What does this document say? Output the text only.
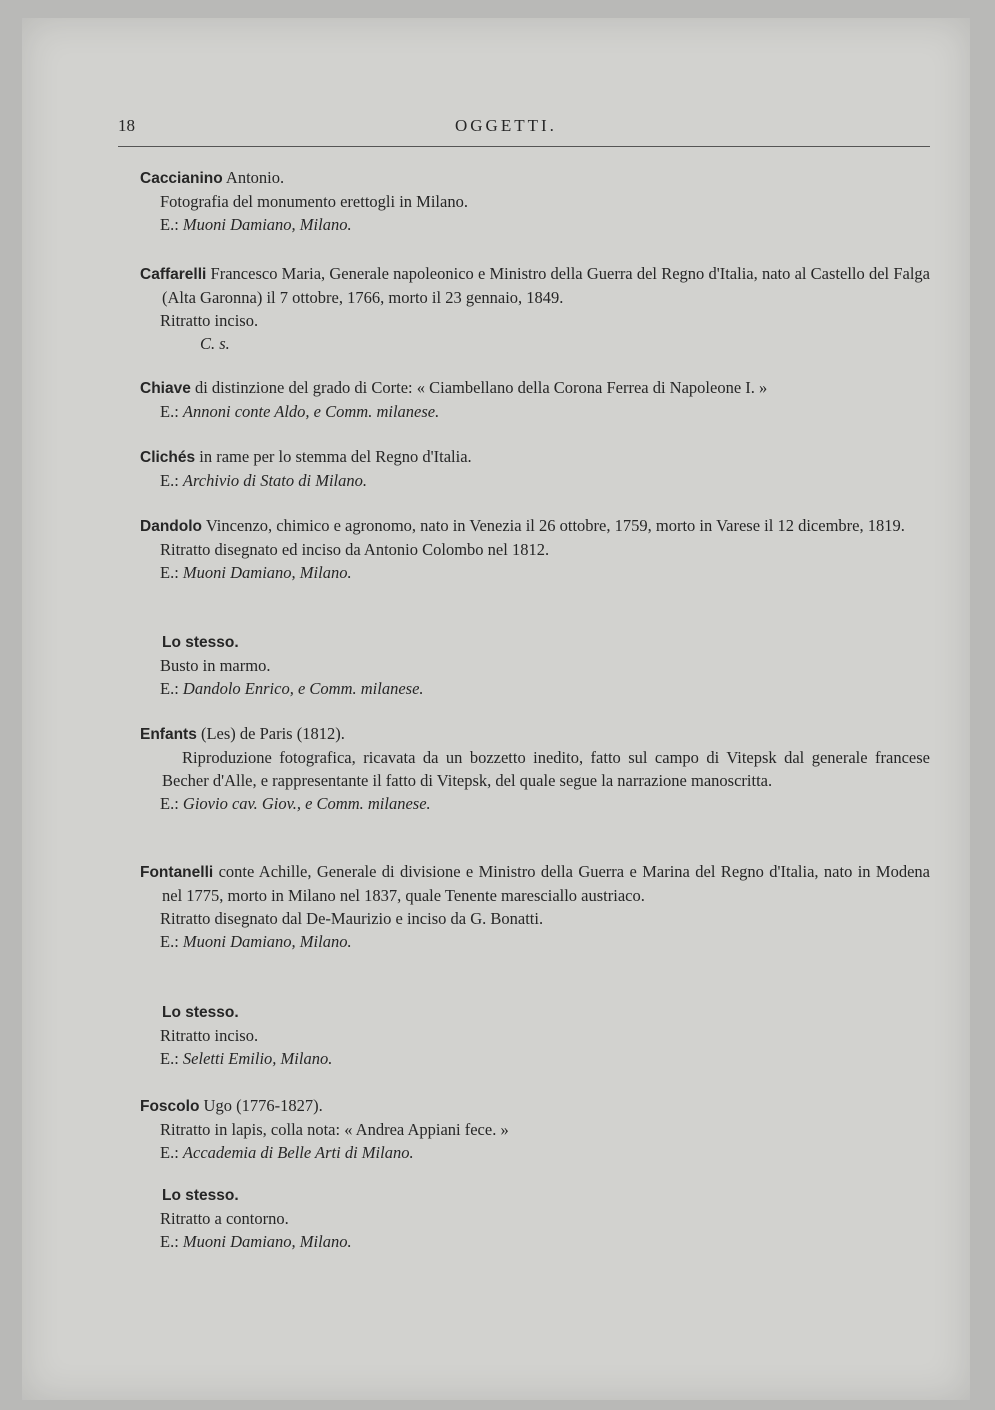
18	OGGETTI.

Caccianino Antonio.

Fotografia del monumento erettogli in Milano.

E.: Muoni Damiano, Milano.

Caffarelli Francesco Maria, Generale napoleonico e Ministro della Guerra del Regno d'Italia, nato al Castello del Falga (Alta Garonna) il 7 ottobre, 1766, morto il 23 gennaio, 1849.

Ritratto inciso.

C. s.

Chiave di distinzione del grado di Corte: « Ciambellano della Corona Ferrea di Napoleone I. »

E.: Annoni conte Aldo, e Comm. milanese.

Clichés in rame per lo stemma del Regno d'Italia.

E.: Archivio di Stato di Milano.

Dandolo Vincenzo, chimico e agronomo, nato in Venezia il 26 ottobre, 1759, morto in Varese il 12 dicembre, 1819.

Ritratto disegnato ed inciso da Antonio Colombo nel 1812.

E.: Muoni Damiano, Milano.

Lo stesso.

Busto in marmo.

E.: Dandolo Enrico, e Comm. milanese.

Enfants (Les) de Paris (1812).

Riproduzione fotografica, ricavata da un bozzetto inedito, fatto sul campo di Vitepsk dal generale francese Becher d'Alle, e rappresentante il fatto di Vitepsk, del quale segue la narrazione manoscritta.

E.: Giovio cav. Giov., e Comm. milanese.

Fontanelli conte Achille, Generale di divisione e Ministro della Guerra e Marina del Regno d'Italia, nato in Modena nel 1775, morto in Milano nel 1837, quale Tenente maresciallo austriaco.

Ritratto disegnato dal De-Maurizio e inciso da G. Bonatti.

E.: Muoni Damiano, Milano.

Lo stesso.

Ritratto inciso.

E.: Seletti Emilio, Milano.

Foscolo Ugo (1776-1827).

Ritratto in lapis, colla nota: « Andrea Appiani fece. »

E.: Accademia di Belle Arti di Milano.

Lo stesso.

Ritratto a contorno.

E.: Muoni Damiano, Milano.
